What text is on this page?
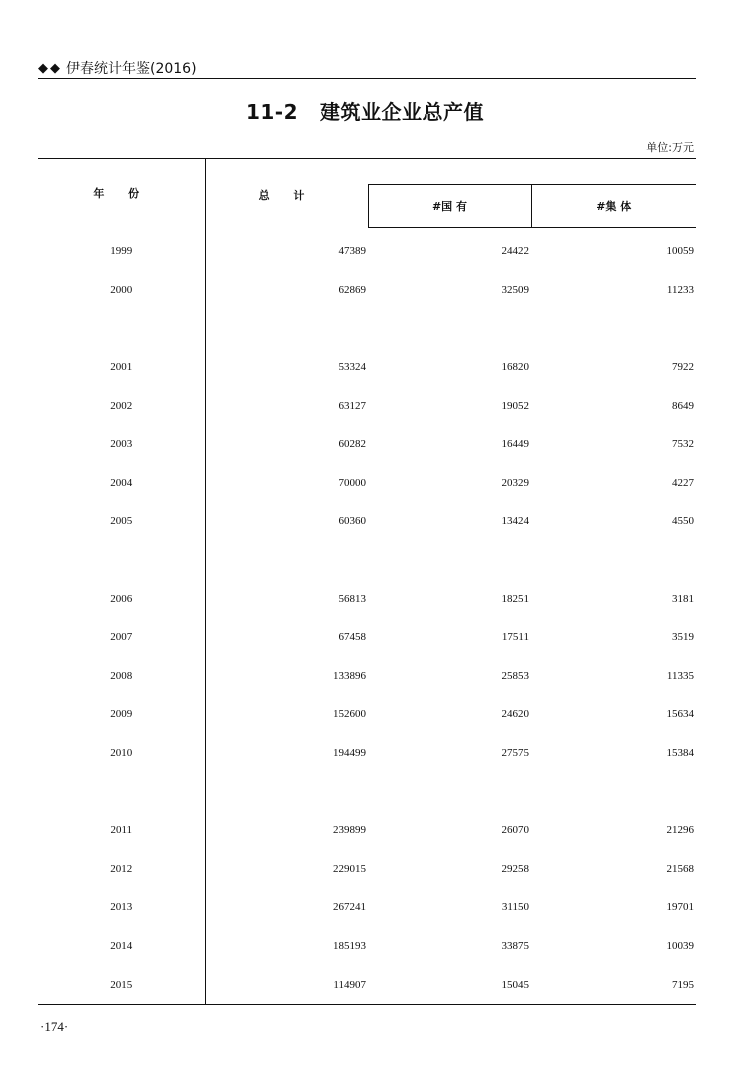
◆ ◆ 伊春统计年鉴(2016)
11-2 建筑业企业总产值
单位:万元
年 份	总 计		
		#国 有	#集 体
1999	47389	24422	10059
2000	62869	32509	11233

2001	53324	16820	7922
2002	63127	19052	8649
2003	60282	16449	7532
2004	70000	20329	4227
2005	60360	13424	4550

2006	56813	18251	3181
2007	67458	17511	3519
2008	133896	25853	11335
2009	152600	24620	15634
2010	194499	27575	15384

2011	239899	26070	21296
2012	229015	29258	21568
2013	267241	31150	19701
2014	185193	33875	10039
2015	114907	15045	7195
·174·
